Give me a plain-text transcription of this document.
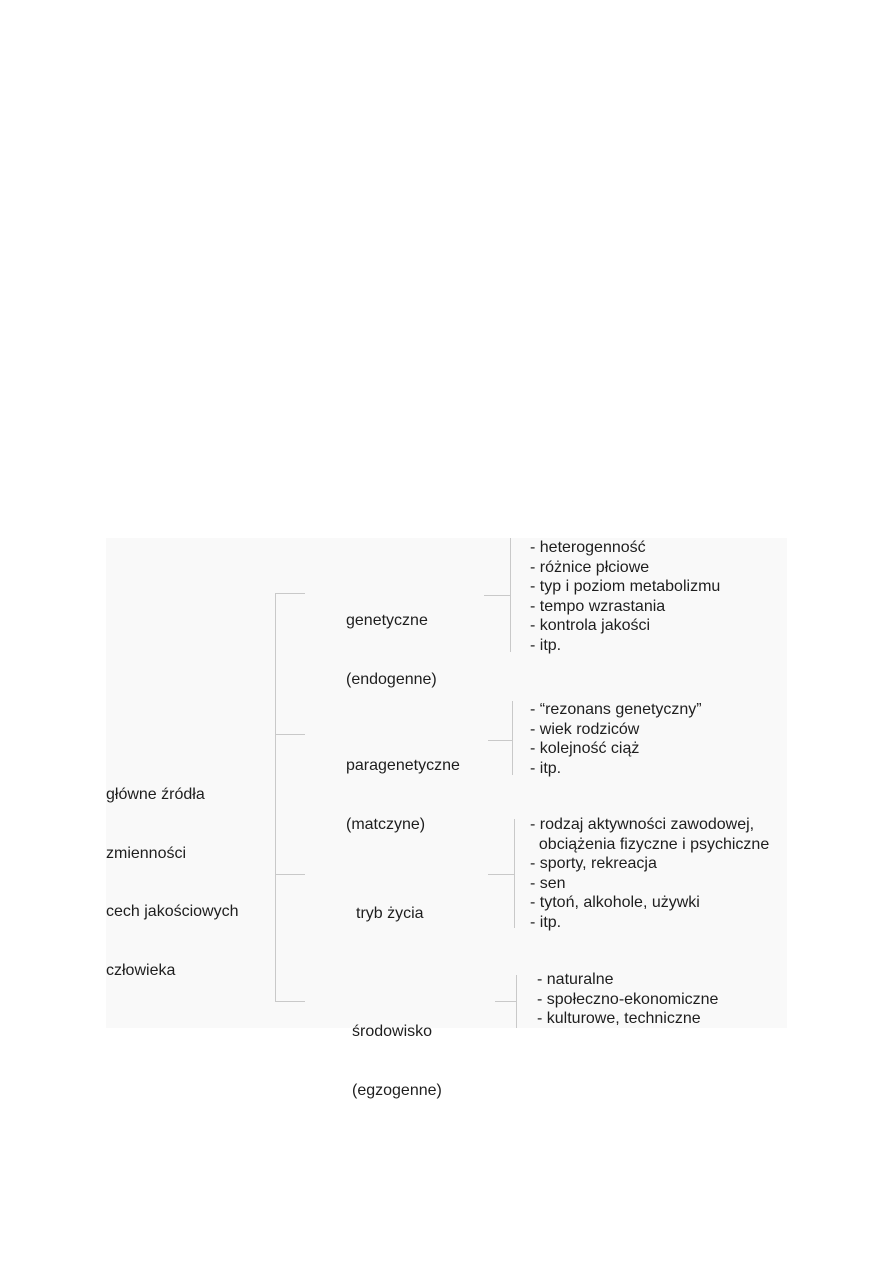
główne źródła

zmienności

cech jakościowych

człowieka

genetyczne

(endogenne)

- heterogenność
- różnice płciowe
- typ i poziom metabolizmu
- tempo wzrastania
- kontrola jakości
- itp.

paragenetyczne

(matczyne)

- “rezonans genetyczny”
- wiek rodziców
- kolejność ciąż
- itp.

tryb życia

- rodzaj aktywności zawodowej,
obciążenia fizyczne i psychiczne
- sporty, rekreacja
- sen
- tytoń, alkohole, używki
- itp.

środowisko

(egzogenne)

- naturalne
- społeczno-ekonomiczne
- kulturowe, techniczne
